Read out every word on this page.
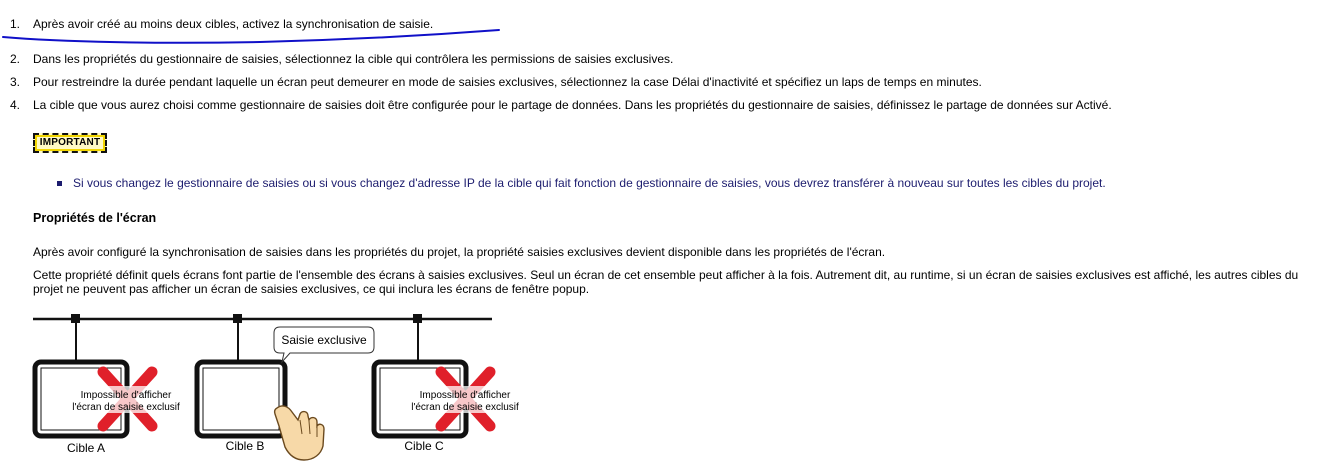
1. Après avoir créé au moins deux cibles, activez la synchronisation de saisie.
2. Dans les propriétés du gestionnaire de saisies, sélectionnez la cible qui contrôlera les permissions de saisies exclusives.
3. Pour restreindre la durée pendant laquelle un écran peut demeurer en mode de saisies exclusives, sélectionnez la case Délai d'inactivité et spécifiez un laps de temps en minutes.
4. La cible que vous aurez choisi comme gestionnaire de saisies doit être configurée pour le partage de données. Dans les propriétés du gestionnaire de saisies, définissez le partage de données sur Activé.
IMPORTANT
Si vous changez le gestionnaire de saisies ou si vous changez d'adresse IP de la cible qui fait fonction de gestionnaire de saisies, vous devrez transférer à nouveau sur toutes les cibles du projet.
Propriétés de l'écran
Après avoir configuré la synchronisation de saisies dans les propriétés du projet, la propriété saisies exclusives devient disponible dans les propriétés de l'écran.
Cette propriété définit quels écrans font partie de l'ensemble des écrans à saisies exclusives. Seul un écran de cet ensemble peut afficher à la fois. Autrement dit, au runtime, si un écran de saisies exclusives est affiché, les autres cibles du projet ne peuvent pas afficher un écran de saisies exclusives, ce qui inclura les écrans de fenêtre popup.
Impossible d'afficher
l'écran de saisie exclusif
Cible A
Saisie exclusive
Cible B
Impossible d'afficher
l'écran de saisie exclusif
Cible C
